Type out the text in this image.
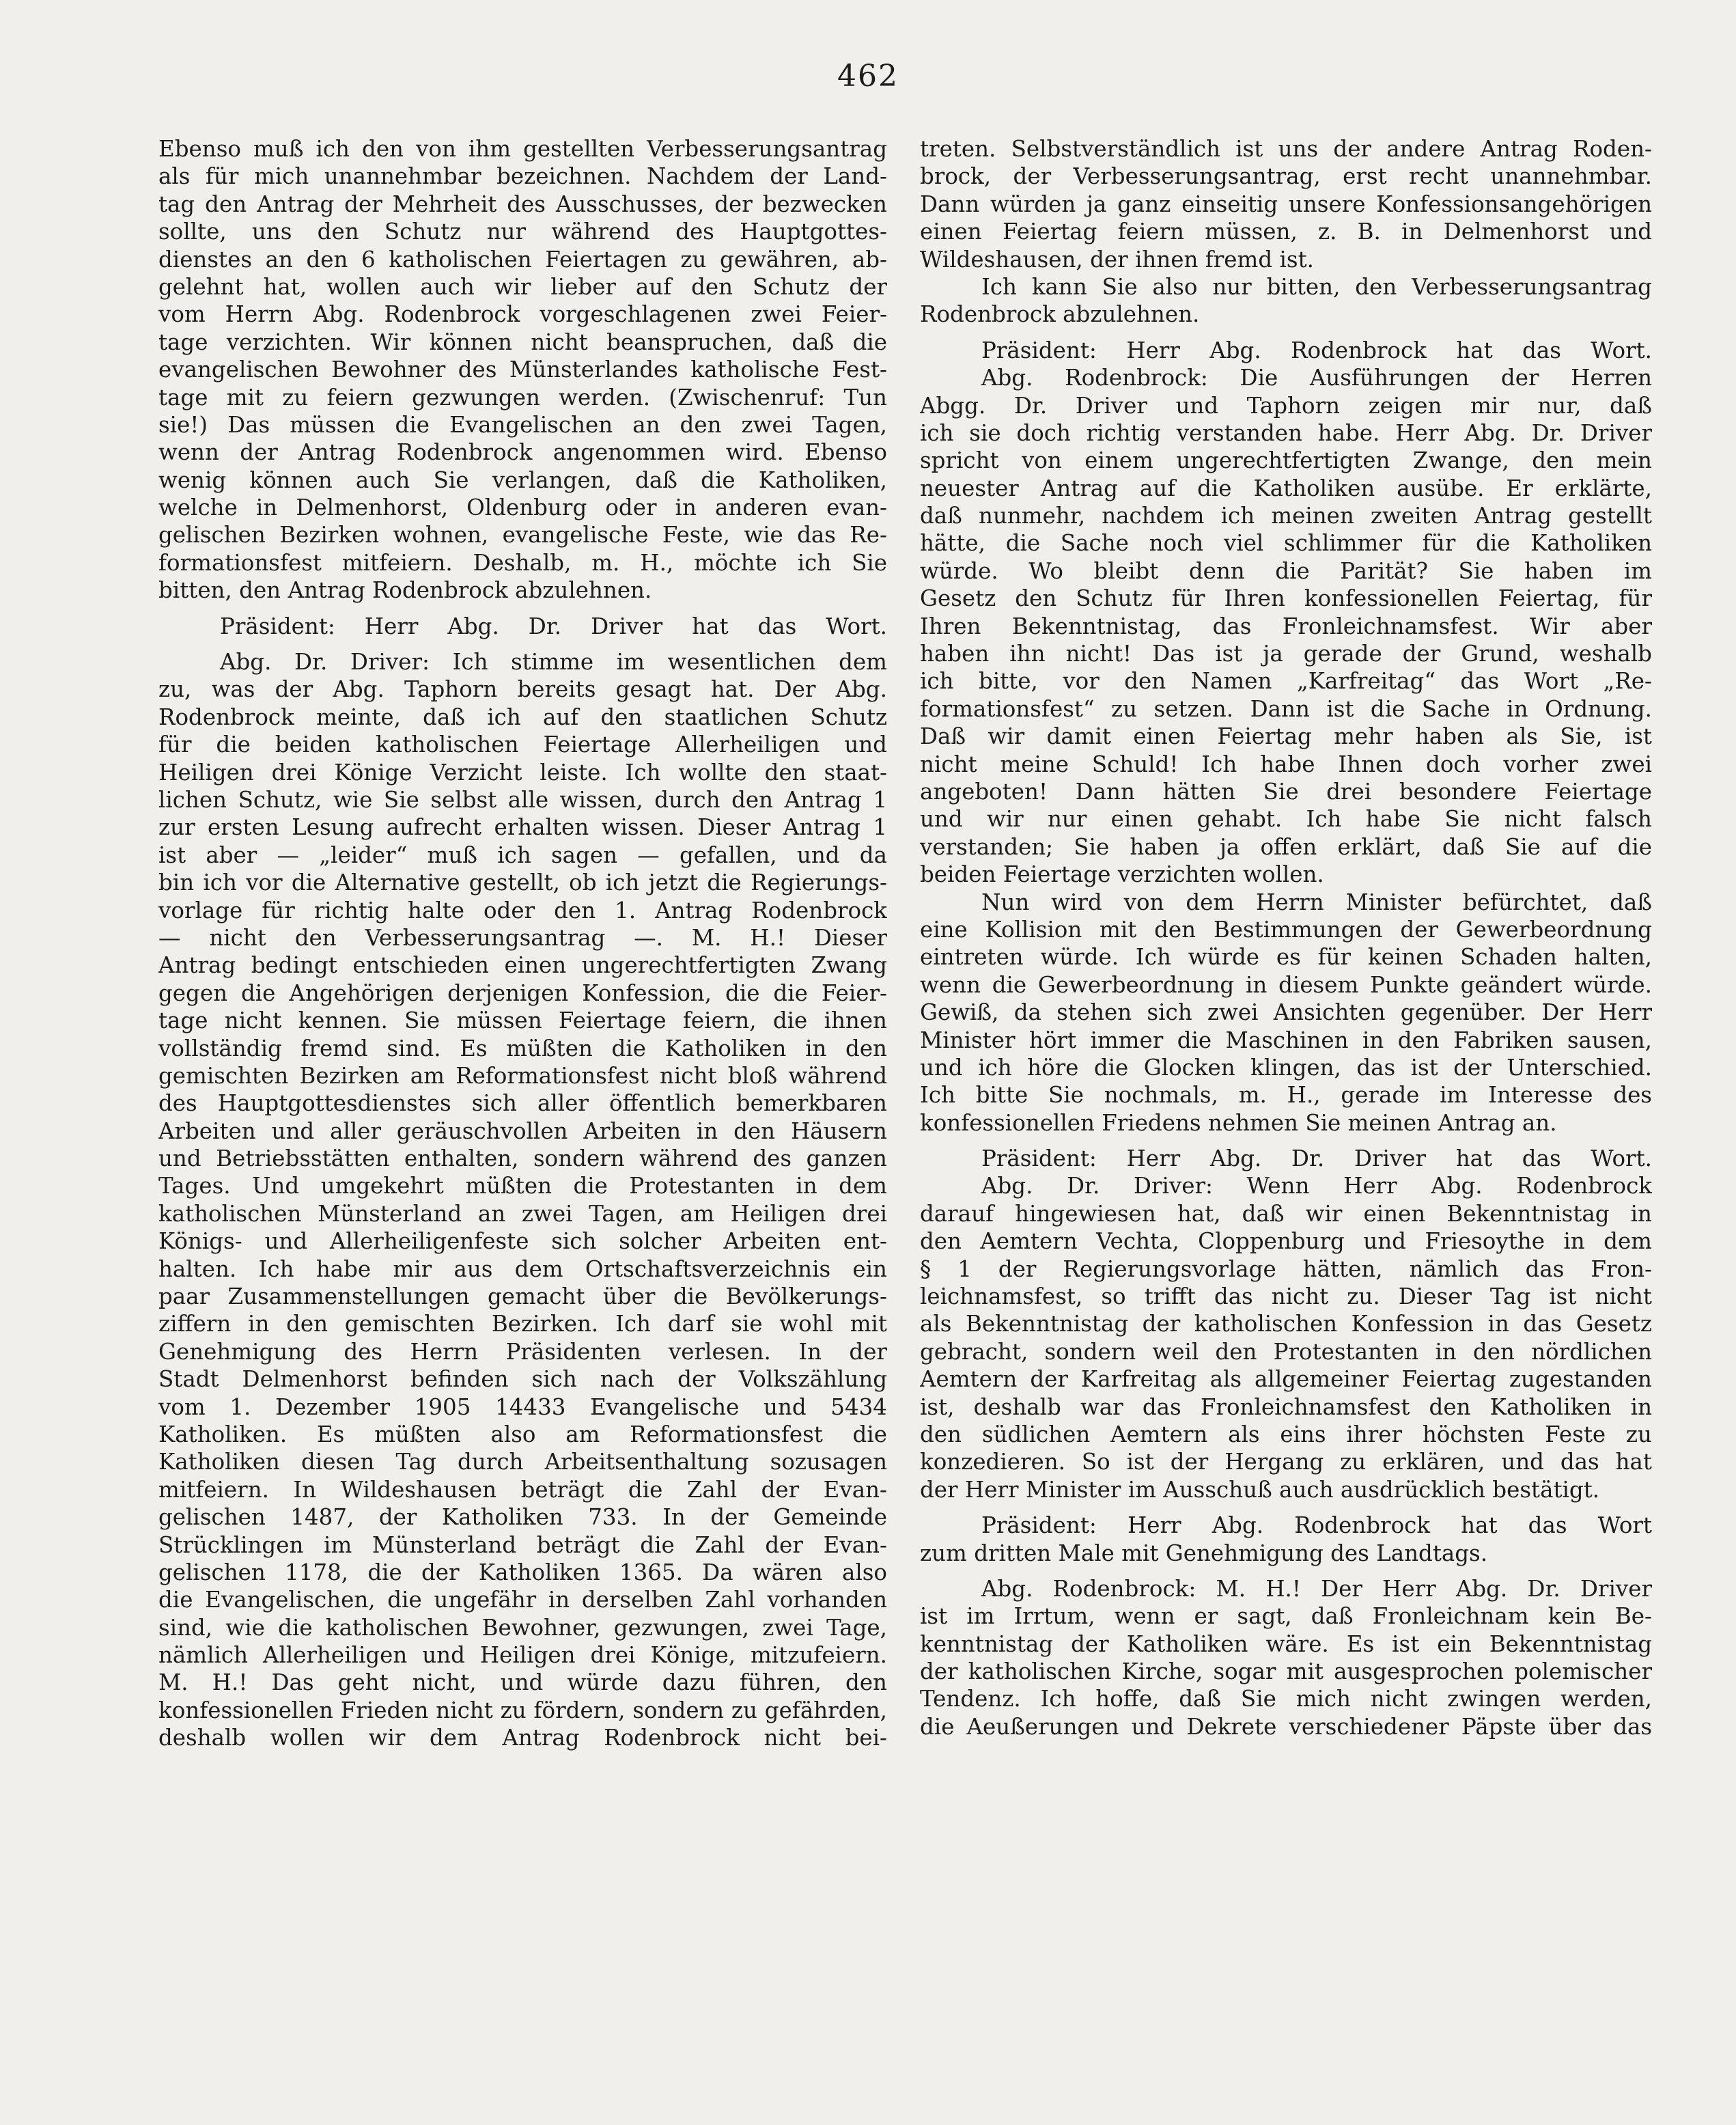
462
Ebenso muß ich den von ihm gestellten Verbesserungsantrag
als für mich unannehmbar bezeichnen. Nachdem der Land-
tag den Antrag der Mehrheit des Ausschusses, der bezwecken
sollte, uns den Schutz nur während des Hauptgottes-
dienstes an den 6 katholischen Feiertagen zu gewähren, ab-
gelehnt hat, wollen auch wir lieber auf den Schutz der
vom Herrn Abg. Rodenbrock vorgeschlagenen zwei Feier-
tage verzichten. Wir können nicht beanspruchen, daß die
evangelischen Bewohner des Münsterlandes katholische Fest-
tage mit zu feiern gezwungen werden. (Zwischenruf: Tun
sie!) Das müssen die Evangelischen an den zwei Tagen,
wenn der Antrag Rodenbrock angenommen wird. Ebenso
wenig können auch Sie verlangen, daß die Katholiken,
welche in Delmenhorst, Oldenburg oder in anderen evan-
gelischen Bezirken wohnen, evangelische Feste, wie das Re-
formationsfest mitfeiern. Deshalb, m. H., möchte ich Sie
bitten, den Antrag Rodenbrock abzulehnen.
Präsident: Herr Abg. Dr. Driver hat das Wort.
Abg. Dr. Driver: Ich stimme im wesentlichen dem
zu, was der Abg. Taphorn bereits gesagt hat. Der Abg.
Rodenbrock meinte, daß ich auf den staatlichen Schutz
für die beiden katholischen Feiertage Allerheiligen und
Heiligen drei Könige Verzicht leiste. Ich wollte den staat-
lichen Schutz, wie Sie selbst alle wissen, durch den Antrag 1
zur ersten Lesung aufrecht erhalten wissen. Dieser Antrag 1
ist aber — „leider“ muß ich sagen — gefallen, und da
bin ich vor die Alternative gestellt, ob ich jetzt die Regierungs-
vorlage für richtig halte oder den 1. Antrag Rodenbrock
— nicht den Verbesserungsantrag —. M. H.! Dieser
Antrag bedingt entschieden einen ungerechtfertigten Zwang
gegen die Angehörigen derjenigen Konfession, die die Feier-
tage nicht kennen. Sie müssen Feiertage feiern, die ihnen
vollständig fremd sind. Es müßten die Katholiken in den
gemischten Bezirken am Reformationsfest nicht bloß während
des Hauptgottesdienstes sich aller öffentlich bemerkbaren
Arbeiten und aller geräuschvollen Arbeiten in den Häusern
und Betriebsstätten enthalten, sondern während des ganzen
Tages. Und umgekehrt müßten die Protestanten in dem
katholischen Münsterland an zwei Tagen, am Heiligen drei
Königs- und Allerheiligenfeste sich solcher Arbeiten ent-
halten. Ich habe mir aus dem Ortschaftsverzeichnis ein
paar Zusammenstellungen gemacht über die Bevölkerungs-
ziffern in den gemischten Bezirken. Ich darf sie wohl mit
Genehmigung des Herrn Präsidenten verlesen. In der
Stadt Delmenhorst befinden sich nach der Volkszählung
vom 1. Dezember 1905 14433 Evangelische und 5434
Katholiken. Es müßten also am Reformationsfest die
Katholiken diesen Tag durch Arbeitsenthaltung sozusagen
mitfeiern. In Wildeshausen beträgt die Zahl der Evan-
gelischen 1487, der Katholiken 733. In der Gemeinde
Strücklingen im Münsterland beträgt die Zahl der Evan-
gelischen 1178, die der Katholiken 1365. Da wären also
die Evangelischen, die ungefähr in derselben Zahl vorhanden
sind, wie die katholischen Bewohner, gezwungen, zwei Tage,
nämlich Allerheiligen und Heiligen drei Könige, mitzufeiern.
M. H.! Das geht nicht, und würde dazu führen, den
konfessionellen Frieden nicht zu fördern, sondern zu gefährden,
deshalb wollen wir dem Antrag Rodenbrock nicht bei-
treten. Selbstverständlich ist uns der andere Antrag Roden-
brock, der Verbesserungsantrag, erst recht unannehmbar.
Dann würden ja ganz einseitig unsere Konfessionsangehörigen
einen Feiertag feiern müssen, z. B. in Delmenhorst und
Wildeshausen, der ihnen fremd ist.
Ich kann Sie also nur bitten, den Verbesserungsantrag
Rodenbrock abzulehnen.
Präsident: Herr Abg. Rodenbrock hat das Wort.
Abg. Rodenbrock: Die Ausführungen der Herren
Abgg. Dr. Driver und Taphorn zeigen mir nur, daß
ich sie doch richtig verstanden habe. Herr Abg. Dr. Driver
spricht von einem ungerechtfertigten Zwange, den mein
neuester Antrag auf die Katholiken ausübe. Er erklärte,
daß nunmehr, nachdem ich meinen zweiten Antrag gestellt
hätte, die Sache noch viel schlimmer für die Katholiken
würde. Wo bleibt denn die Parität? Sie haben im
Gesetz den Schutz für Ihren konfessionellen Feiertag, für
Ihren Bekenntnistag, das Fronleichnamsfest. Wir aber
haben ihn nicht! Das ist ja gerade der Grund, weshalb
ich bitte, vor den Namen „Karfreitag“ das Wort „Re-
formationsfest“ zu setzen. Dann ist die Sache in Ordnung.
Daß wir damit einen Feiertag mehr haben als Sie, ist
nicht meine Schuld! Ich habe Ihnen doch vorher zwei
angeboten! Dann hätten Sie drei besondere Feiertage
und wir nur einen gehabt. Ich habe Sie nicht falsch
verstanden; Sie haben ja offen erklärt, daß Sie auf die
beiden Feiertage verzichten wollen.
Nun wird von dem Herrn Minister befürchtet, daß
eine Kollision mit den Bestimmungen der Gewerbeordnung
eintreten würde. Ich würde es für keinen Schaden halten,
wenn die Gewerbeordnung in diesem Punkte geändert würde.
Gewiß, da stehen sich zwei Ansichten gegenüber. Der Herr
Minister hört immer die Maschinen in den Fabriken sausen,
und ich höre die Glocken klingen, das ist der Unterschied.
Ich bitte Sie nochmals, m. H., gerade im Interesse des
konfessionellen Friedens nehmen Sie meinen Antrag an.
Präsident: Herr Abg. Dr. Driver hat das Wort.
Abg. Dr. Driver: Wenn Herr Abg. Rodenbrock
darauf hingewiesen hat, daß wir einen Bekenntnistag in
den Aemtern Vechta, Cloppenburg und Friesoythe in dem
§ 1 der Regierungsvorlage hätten, nämlich das Fron-
leichnamsfest, so trifft das nicht zu. Dieser Tag ist nicht
als Bekenntnistag der katholischen Konfession in das Gesetz
gebracht, sondern weil den Protestanten in den nördlichen
Aemtern der Karfreitag als allgemeiner Feiertag zugestanden
ist, deshalb war das Fronleichnamsfest den Katholiken in
den südlichen Aemtern als eins ihrer höchsten Feste zu
konzedieren. So ist der Hergang zu erklären, und das hat
der Herr Minister im Ausschuß auch ausdrücklich bestätigt.
Präsident: Herr Abg. Rodenbrock hat das Wort
zum dritten Male mit Genehmigung des Landtags.
Abg. Rodenbrock: M. H.! Der Herr Abg. Dr. Driver
ist im Irrtum, wenn er sagt, daß Fronleichnam kein Be-
kenntnistag der Katholiken wäre. Es ist ein Bekenntnistag
der katholischen Kirche, sogar mit ausgesprochen polemischer
Tendenz. Ich hoffe, daß Sie mich nicht zwingen werden,
die Aeußerungen und Dekrete verschiedener Päpste über das
